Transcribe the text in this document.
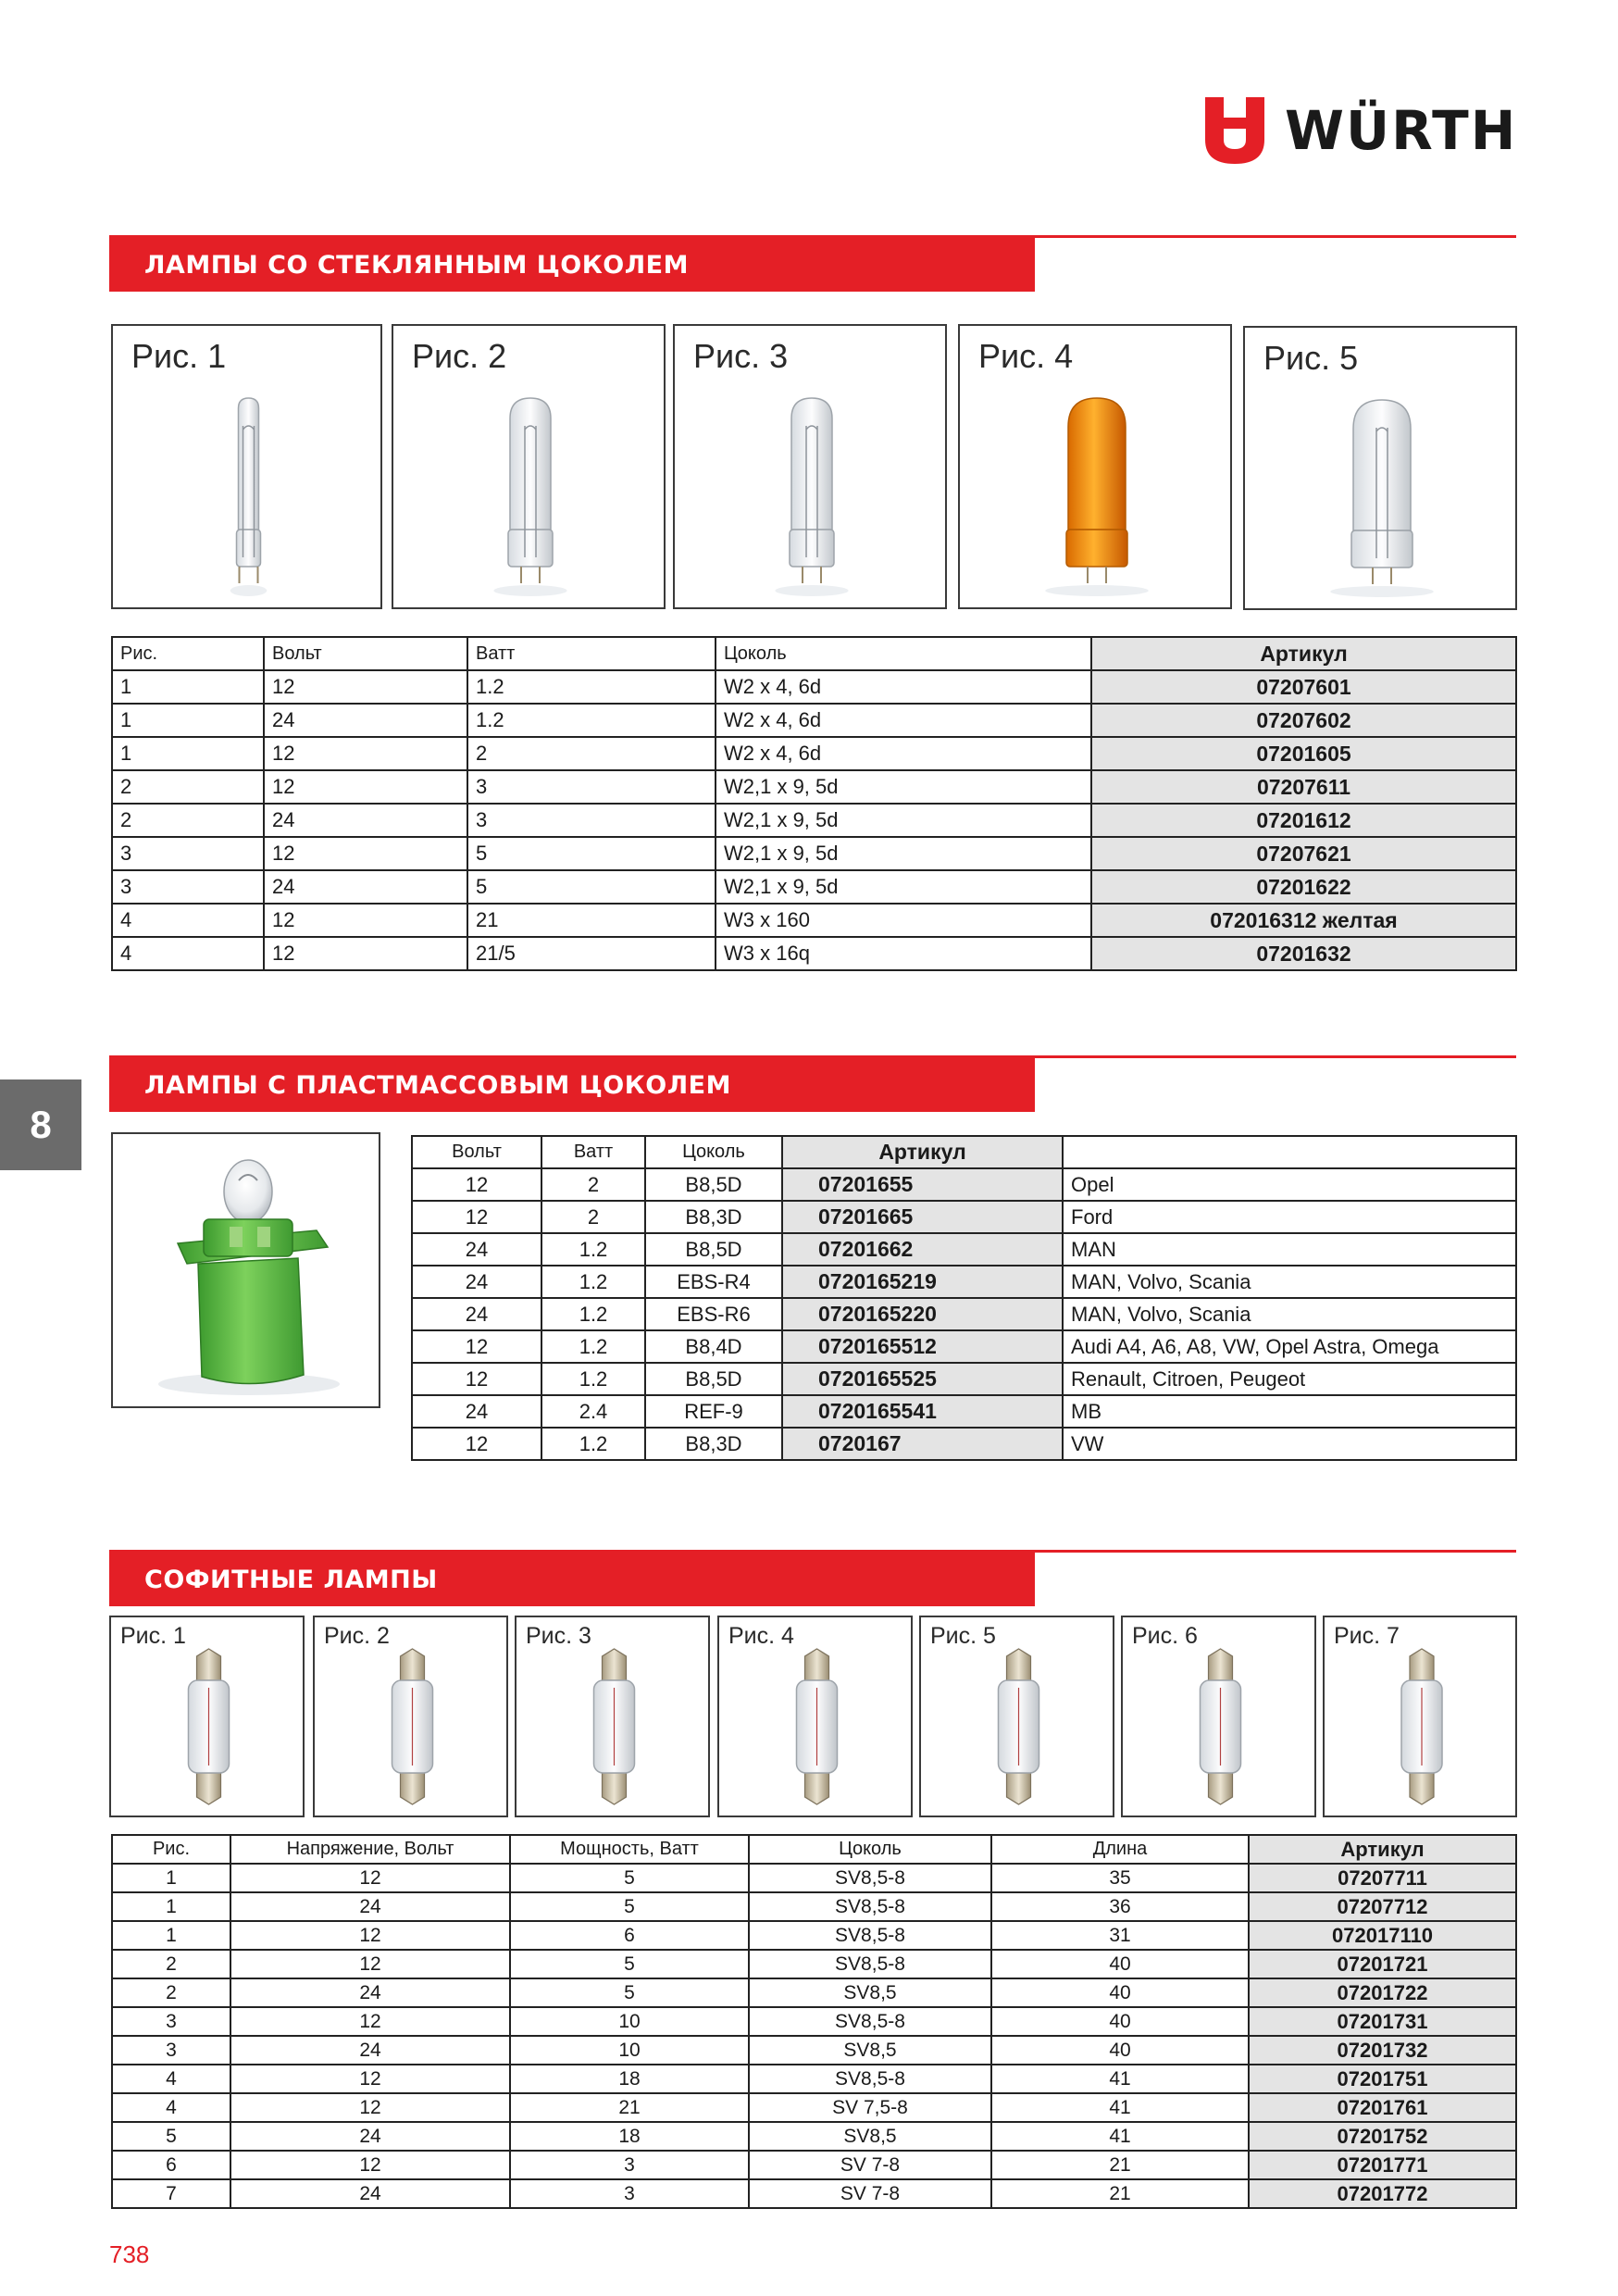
WÜRTH
ЛАМПЫ СО СТЕКЛЯННЫМ ЦОКОЛЕМ
Рис. 1	Рис. 2	Рис. 3	Рис. 4	Рис. 5
Рис.	Вольт	Ватт	Цоколь	Артикул
1	12	1.2	W2 x 4, 6d	07207601
1	24	1.2	W2 x 4, 6d	07207602
1	12	2	W2 x 4, 6d	07201605
2	12	3	W2,1 x 9, 5d	07207611
2	24	3	W2,1 x 9, 5d	07201612
3	12	5	W2,1 x 9, 5d	07207621
3	24	5	W2,1 x 9, 5d	07201622
4	12	21	W3 x 160	072016312 желтая
4	12	21/5	W3 x 16q	07201632
8
ЛАМПЫ С ПЛАСТМАССОВЫМ ЦОКОЛЕМ
Вольт	Ватт	Цоколь	Артикул	
12	2	B8,5D	07201655	Opel
12	2	B8,3D	07201665	Ford
24	1.2	B8,5D	07201662	MAN
24	1.2	EBS-R4	0720165219	MAN, Volvo, Scania
24	1.2	EBS-R6	0720165220	MAN, Volvo, Scania
12	1.2	B8,4D	0720165512	Audi A4, A6, A8, VW, Opel Astra, Omega
12	1.2	B8,5D	0720165525	Renault, Citroen, Peugeot
24	2.4	REF-9	0720165541	MB
12	1.2	B8,3D	0720167	VW
СОФИТНЫЕ ЛАМПЫ
Рис. 1	Рис. 2	Рис. 3	Рис. 4	Рис. 5	Рис. 6	Рис. 7
Рис.	Напряжение, Вольт	Мощность, Ватт	Цоколь	Длина	Артикул
1	12	5	SV8,5-8	35	07207711
1	24	5	SV8,5-8	36	07207712
1	12	6	SV8,5-8	31	072017110
2	12	5	SV8,5-8	40	07201721
2	24	5	SV8,5	40	07201722
3	12	10	SV8,5-8	40	07201731
3	24	10	SV8,5	40	07201732
4	12	18	SV8,5-8	41	07201751
4	12	21	SV 7,5-8	41	07201761
5	24	18	SV8,5	41	07201752
6	12	3	SV 7-8	21	07201771
7	24	3	SV 7-8	21	07201772
738
